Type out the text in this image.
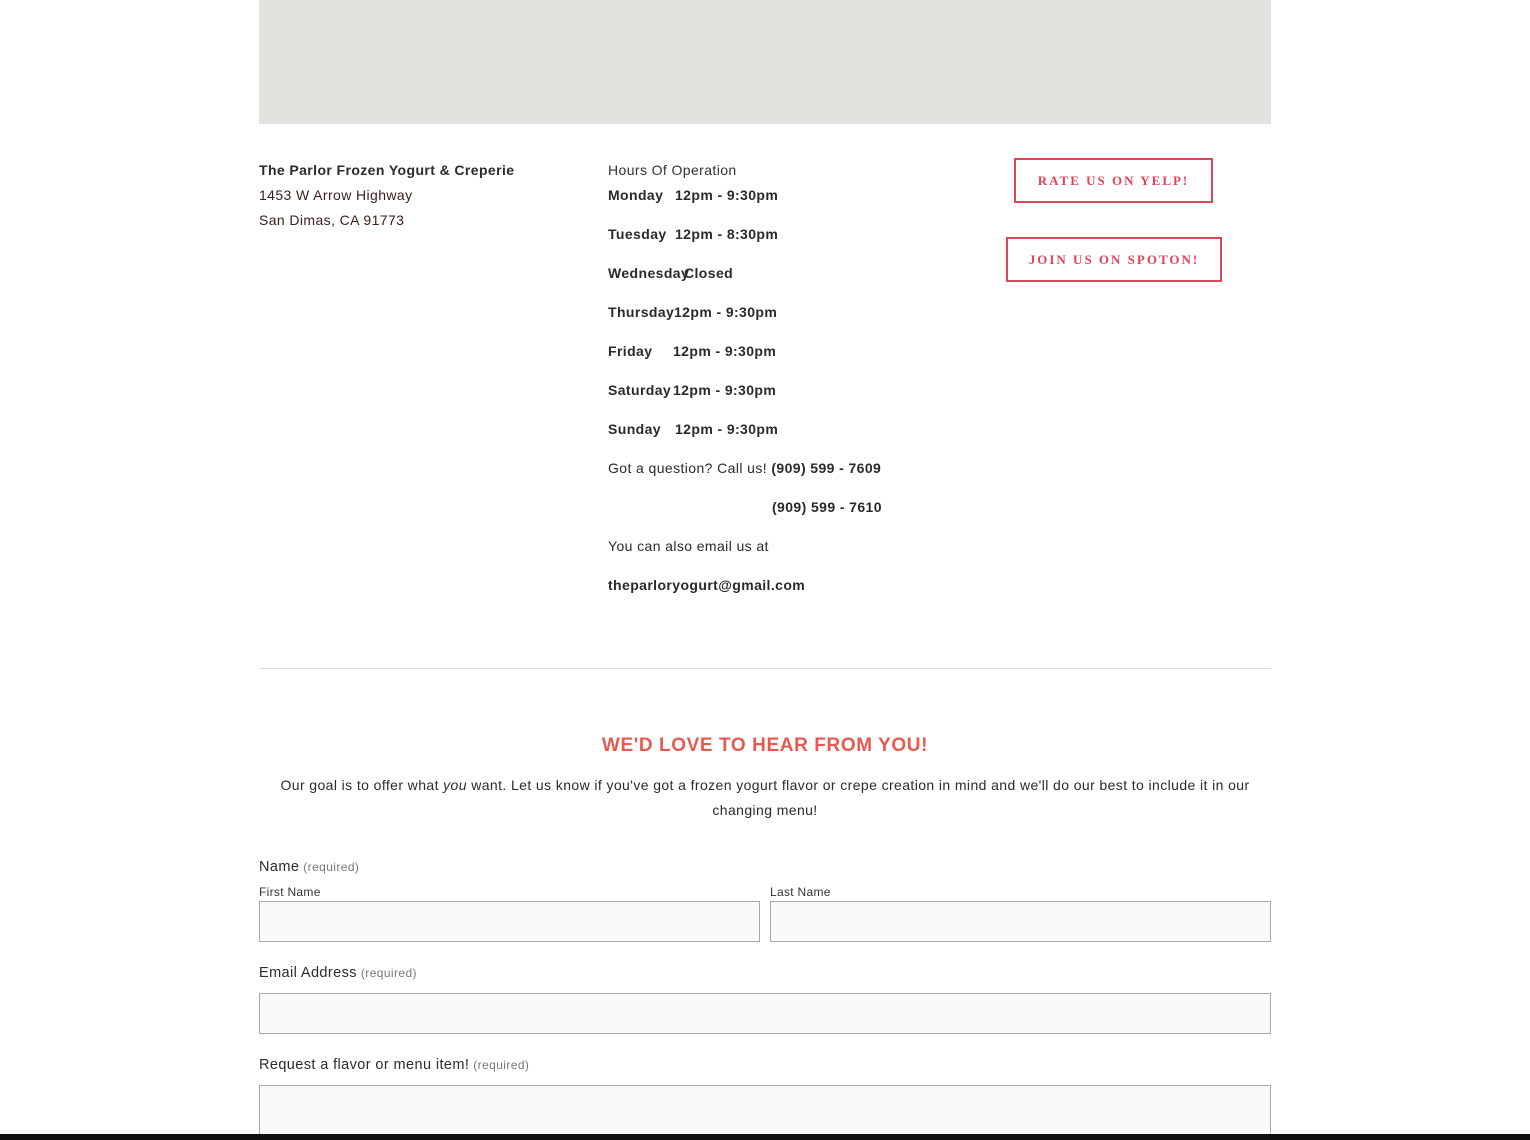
The Parlor Frozen Yogurt & Creperie
1453 W Arrow Highway
San Dimas, CA 91773
Hours Of Operation
Monday 12pm - 9:30pm
Tuesday 12pm - 8:30pm
WednesdayClosed
Thursday12pm - 9:30pm
Friday 12pm - 9:30pm
Saturday 12pm - 9:30pm
Sunday 12pm - 9:30pm
Got a question? Call us! (909) 599 - 7609
(909) 599 - 7610
You can also email us at
theparloryogurt@gmail.com
RATE US ON YELP!
JOIN US ON SPOTON!
WE'D LOVE TO HEAR FROM YOU!
Our goal is to offer what you want. Let us know if you've got a frozen yogurt flavor or crepe creation in mind and we'll do our best to include it in our changing menu!
Name (required)
First Name	Last Name
Email Address (required)
Request a flavor or menu item! (required)
